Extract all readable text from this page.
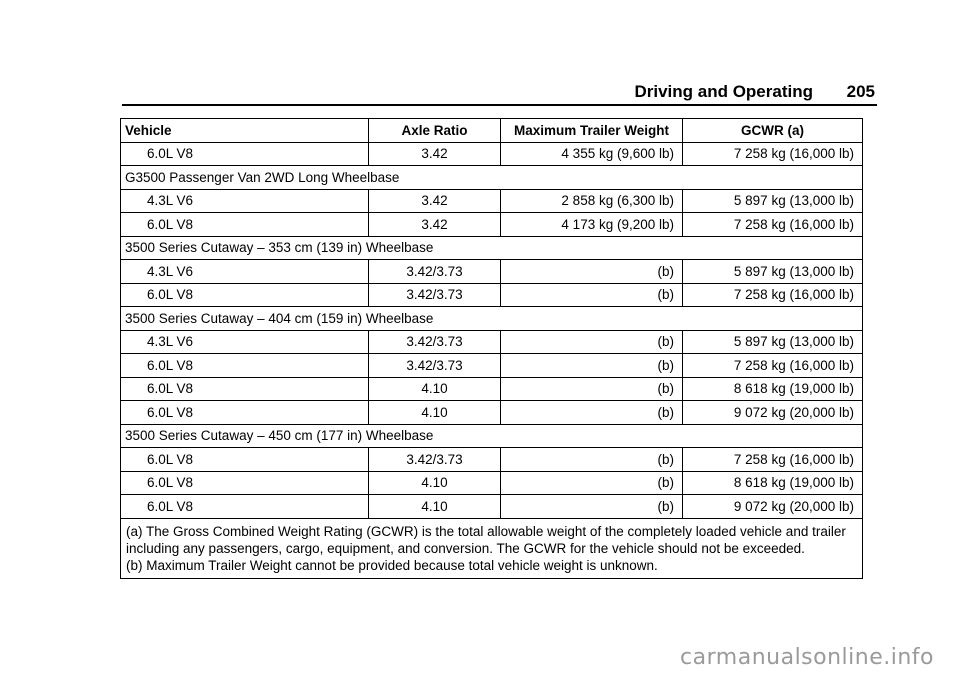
Driving and Operating 205
Vehicle	Axle Ratio	Maximum Trailer Weight	GCWR (a)
6.0L V8	3.42	4 355 kg (9,600 lb)	7 258 kg (16,000 lb)
G3500 Passenger Van 2WD Long Wheelbase			
4.3L V6	3.42	2 858 kg (6,300 lb)	5 897 kg (13,000 lb)
6.0L V8	3.42	4 173 kg (9,200 lb)	7 258 kg (16,000 lb)
3500 Series Cutaway – 353 cm (139 in) Wheelbase			
4.3L V6	3.42/3.73	(b)	5 897 kg (13,000 lb)
6.0L V8	3.42/3.73	(b)	7 258 kg (16,000 lb)
3500 Series Cutaway – 404 cm (159 in) Wheelbase			
4.3L V6	3.42/3.73	(b)	5 897 kg (13,000 lb)
6.0L V8	3.42/3.73	(b)	7 258 kg (16,000 lb)
6.0L V8	4.10	(b)	8 618 kg (19,000 lb)
6.0L V8	4.10	(b)	9 072 kg (20,000 lb)
3500 Series Cutaway – 450 cm (177 in) Wheelbase			
6.0L V8	3.42/3.73	(b)	7 258 kg (16,000 lb)
6.0L V8	4.10	(b)	8 618 kg (19,000 lb)
6.0L V8	4.10	(b)	9 072 kg (20,000 lb)

(a) The Gross Combined Weight Rating (GCWR) is the total allowable weight of the completely loaded vehicle and trailer including any passengers, cargo, equipment, and conversion. The GCWR for the vehicle should not be exceeded.
(b) Maximum Trailer Weight cannot be provided because total vehicle weight is unknown.			
carmanualsonline.info
